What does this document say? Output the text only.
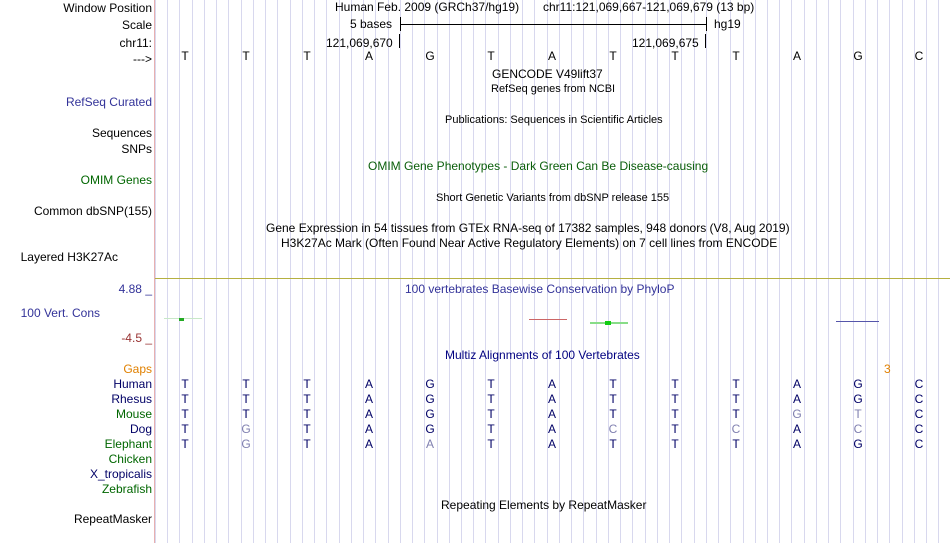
Window Position
Scale
chr11:
--->
RefSeq Curated
Sequences
SNPs
OMIM Genes
Common dbSNP(155)
Layered H3K27Ac
4.88 _
100 Vert. Cons
-4.5 _
Gaps
Human
Rhesus
Mouse
Dog
Elephant
Chicken
X_tropicalis
Zebrafish
RepeatMasker
Human Feb. 2009 (GRCh37/hg19) chr11:121,069,667-121,069,679 (13 bp)
5 bases	hg19
121,069,670	121,069,675
T	T	T	A	G	T	A	T	T	T	A	G	C
GENCODE V49lift37
RefSeq genes from NCBI
Publications: Sequences in Scientific Articles
OMIM Gene Phenotypes - Dark Green Can Be Disease-causing
Short Genetic Variants from dbSNP release 155
Gene Expression in 54 tissues from GTEx RNA-seq of 17382 samples, 948 donors (V8, Aug 2019)
H3K27Ac Mark (Often Found Near Active Regulatory Elements) on 7 cell lines from ENCODE
100 vertebrates Basewise Conservation by PhyloP
Multiz Alignments of 100 Vertebrates
3
T	T	T	A	G	T	A	T	T	T	A	G	C
T	T	T	A	G	T	A	T	T	T	A	G	C
T	T	T	A	G	T	A	T	T	T	G	T	C
T	G	T	A	G	T	A	C	T	C	A	C	C
T	G	T	A	A	T	A	T	T	T	A	G	C
Repeating Elements by RepeatMasker
